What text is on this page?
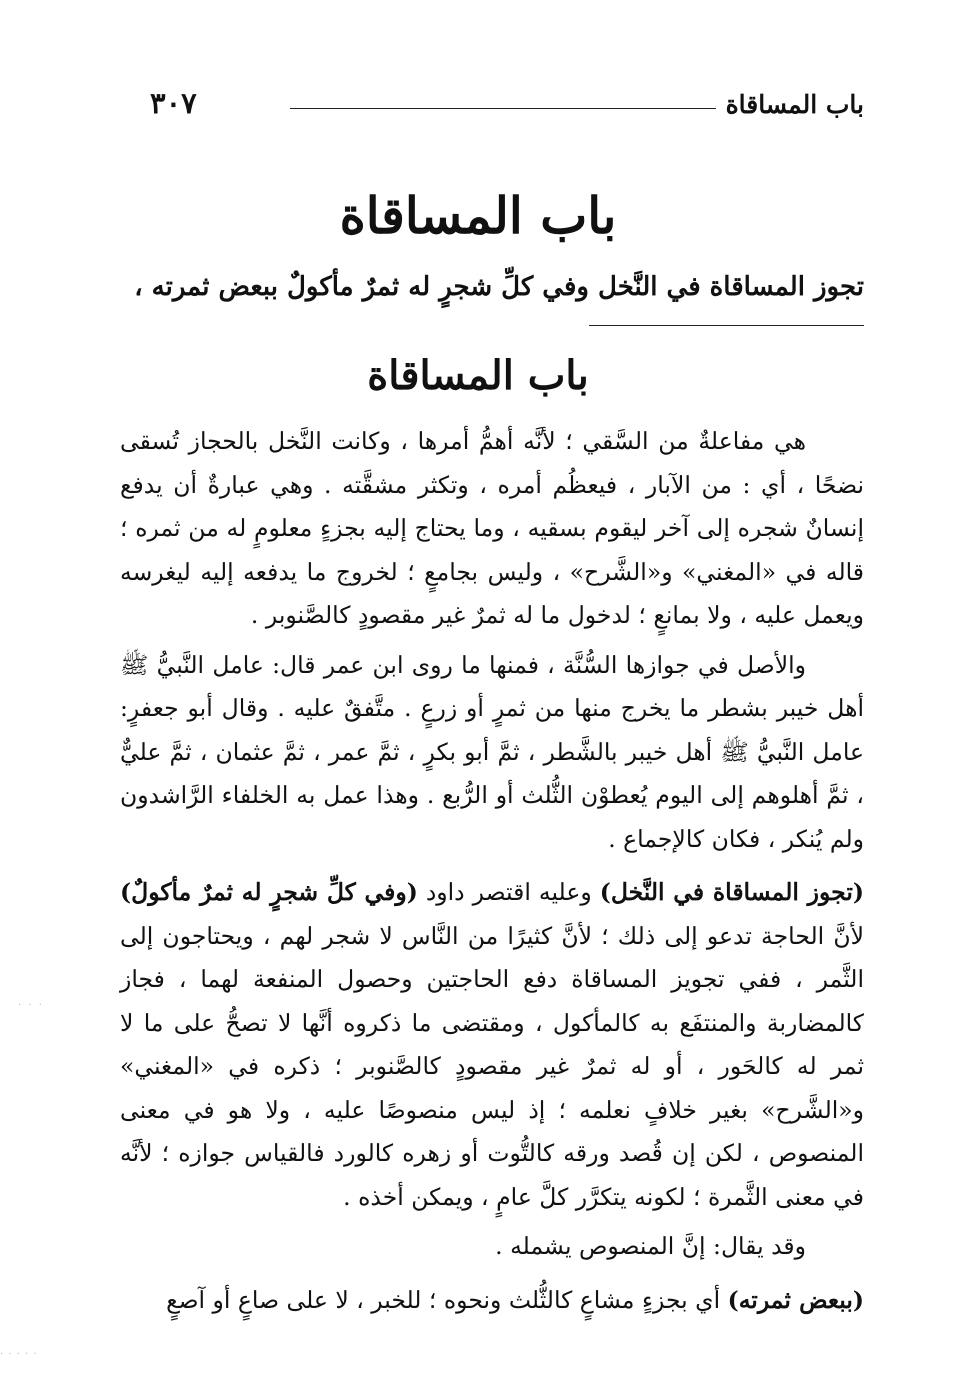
باب المساقاة
٣٠٧
باب المساقاة
تجوز المساقاة في النَّخل وفي كلِّ شجرٍ له ثمرٌ مأكولٌ ببعض ثمرته ،
باب المساقاة

هي مفاعلةٌ من السَّقي ؛ لأنَّه أهمُّ أمرها ، وكانت النَّخل بالحجاز تُسقى نضحًا ، أي : من الآبار ، فيعظُم أمره ، وتكثر مشقَّته . وهي عبارةٌ أن يدفع إنسانٌ شجره إلى آخر ليقوم بسقيه ، وما يحتاج إليه بجزءٍ معلومٍ له من ثمره ؛ قاله في «المغني» و«الشَّرح» ، وليس بجامعٍ ؛ لخروج ما يدفعه إليه ليغرسه ويعمل عليه ، ولا بمانعٍ ؛ لدخول ما له ثمرٌ غير مقصودٍ كالصَّنوبر .

والأصل في جوازها السُّنَّة ، فمنها ما روى ابن عمر قال: عامل النَّبيُّ ﷺ أهل خيبر بشطر ما يخرج منها من ثمرٍ أو زرعٍ . متَّفقٌ عليه . وقال أبو جعفرٍ: عامل النَّبيُّ ﷺ أهل خيبر بالشَّطر ، ثمَّ أبو بكرٍ ، ثمَّ عمر ، ثمَّ عثمان ، ثمَّ عليٌّ ، ثمَّ أهلوهم إلى اليوم يُعطوْن الثُّلث أو الرُّبع . وهذا عمل به الخلفاء الرَّاشدون ولم يُنكر ، فكان كالإجماع .

(تجوز المساقاة في النَّخل) وعليه اقتصر داود (وفي كلِّ شجرٍ له ثمرٌ مأكولٌ) لأنَّ الحاجة تدعو إلى ذلك ؛ لأنَّ كثيرًا من النَّاس لا شجر لهم ، ويحتاجون إلى الثَّمر ، ففي تجويز المساقاة دفع الحاجتين وحصول المنفعة لهما ، فجاز كالمضاربة والمنتفَع به كالمأكول ، ومقتضى ما ذكروه أنَّها لا تصحُّ على ما لا ثمر له كالحَور ، أو له ثمرٌ غير مقصودٍ كالصَّنوبر ؛ ذكره في «المغني» و«الشَّرح» بغير خلافٍ نعلمه ؛ إذ ليس منصوصًا عليه ، ولا هو في معنى المنصوص ، لكن إن قُصد ورقه كالتُّوت أو زهره كالورد فالقياس جوازه ؛ لأنَّه في معنى الثَّمرة ؛ لكونه يتكرَّر كلَّ عامٍ ، ويمكن أخذه .

وقد يقال: إنَّ المنصوص يشمله .

(ببعض ثمرته) أي بجزءٍ مشاعٍ كالثُّلث ونحوه ؛ للخبر ، لا على صاعٍ أو آصعٍ

· · ·
· · · · ·
